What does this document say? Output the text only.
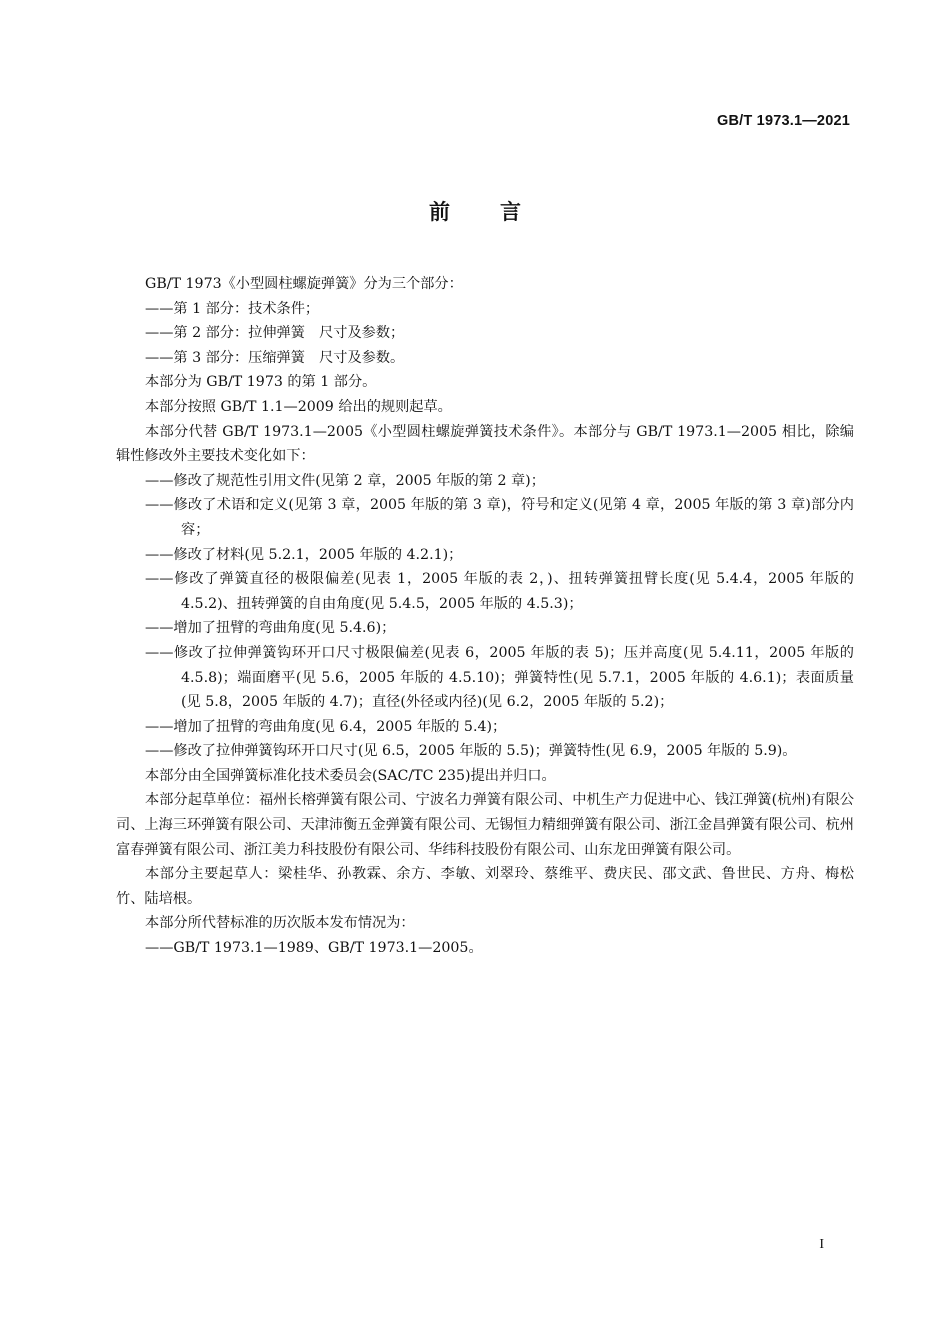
GB/T 1973.1—2021
前言

GB/T 1973《小型圆柱螺旋弹簧》分为三个部分：

——第 1 部分：技术条件；

——第 2 部分：拉伸弹簧　尺寸及参数；

——第 3 部分：压缩弹簧　尺寸及参数。

本部分为 GB/T 1973 的第 1 部分。

本部分按照 GB/T 1.1—2009 给出的规则起草。

本部分代替 GB/T 1973.1—2005《小型圆柱螺旋弹簧技术条件》。本部分与 GB/T 1973.1—2005 相比，除编辑性修改外主要技术变化如下：

——修改了规范性引用文件(见第 2 章，2005 年版的第 2 章)；

——修改了术语和定义(见第 3 章，2005 年版的第 3 章)，符号和定义(见第 4 章，2005 年版的第 3 章)部分内容；

——修改了材料(见 5.2.1，2005 年版的 4.2.1)；

——修改了弹簧直径的极限偏差(见表 1，2005 年版的表 2，)、扭转弹簧扭臂长度(见 5.4.4，2005 年版的 4.5.2)、扭转弹簧的自由角度(见 5.4.5，2005 年版的 4.5.3)；

——增加了扭臂的弯曲角度(见 5.4.6)；

——修改了拉伸弹簧钩环开口尺寸极限偏差(见表 6，2005 年版的表 5)；压并高度(见 5.4.11，2005 年版的 4.5.8)；端面磨平(见 5.6，2005 年版的 4.5.10)；弹簧特性(见 5.7.1，2005 年版的 4.6.1)；表面质量(见 5.8，2005 年版的 4.7)；直径(外径或内径)(见 6.2，2005 年版的 5.2)；

——增加了扭臂的弯曲角度(见 6.4，2005 年版的 5.4)；

——修改了拉伸弹簧钩环开口尺寸(见 6.5，2005 年版的 5.5)；弹簧特性(见 6.9，2005 年版的 5.9)。

本部分由全国弹簧标准化技术委员会(SAC/TC 235)提出并归口。

本部分起草单位：福州长榕弹簧有限公司、宁波名力弹簧有限公司、中机生产力促进中心、钱江弹簧(杭州)有限公司、上海三环弹簧有限公司、天津沛衡五金弹簧有限公司、无锡恒力精细弹簧有限公司、浙江金昌弹簧有限公司、杭州富春弹簧有限公司、浙江美力科技股份有限公司、华纬科技股份有限公司、山东龙田弹簧有限公司。

本部分主要起草人：梁桂华、孙教霖、余方、李敏、刘翠玲、蔡维平、费庆民、邵文武、鲁世民、方舟、梅松竹、陆培根。

本部分所代替标准的历次版本发布情况为：

——GB/T 1973.1—1989、GB/T 1973.1—2005。

I
